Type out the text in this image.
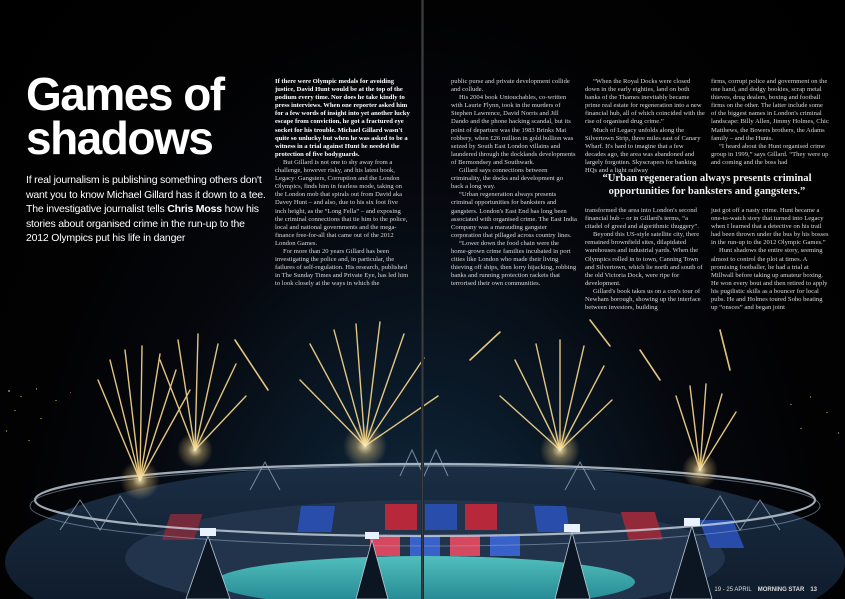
Games of
shadows

If real journalism is publishing something others don't want you to know Michael Gillard has it down to a tee. The investigative journalist tells Chris Moss how his stories about organised crime in the run-up to the 2012 Olympics put his life in danger

If there were Olympic medals for avoiding justice, David Hunt would be at the top of the podium every time. Nor does he take kindly to press interviews. When one reporter asked him for a few words of insight into yet another lucky escape from conviction, he got a fractured eye socket for his trouble. Michael Gillard wasn't quite so unlucky but when he was asked to be a witness in a trial against Hunt he needed the protection of five bodyguards.

But Gillard is not one to shy away from a challenge, however risky, and his latest book, Legacy: Gangsters, Corruption and the London Olympics, finds him in fearless mode, taking on the London mob that spirals out from David aka Davey Hunt – and also, due to his six foot five inch height, as the “Long Fella” – and exposing the criminal connections that tie him to the police, local and national governments and the mega-finance free-for-all that came out of the 2012 London Games.

For more than 20 years Gillard has been investigating the police and, in particular, the failures of self-regulation. His research, published in The Sunday Times and Private Eye, has led him to look closely at the ways in which the

public purse and private development collide and collude.

His 2004 book Untouchables, co-written with Laurie Flynn, took in the murders of Stephen Lawrence, David Norris and Jill Dando and the phone hacking scandal, but its point of departure was the 1983 Brinks Mat robbery, when £26 million in gold bullion was seized by South East London villains and laundered through the docklands developments of Bermondsey and Southwark.

Gillard says connections between criminality, the docks and development go back a long way.

“Urban regeneration always presents criminal opportunities for banksters and gangsters. London's East End has long been associated with organised crime. The East India Company was a marauding gangster corporation that pillaged across country lines.

“Lower down the food chain were the home-grown crime families incubated in port cities like London who made their living thieving off ships, then lorry hijacking, robbing banks and running protection rackets that terrorised their own communities.

“When the Royal Docks were closed down in the early eighties, land on both banks of the Thames inevitably became prime real estate for regeneration into a new financial hub, all of which coincided with the rise of organised drug crime.”

Much of Legacy unfolds along the Silvertown Strip, three miles east of Canary Wharf. It's hard to imagine that a few decades ago, the area was abandoned and largely forgotten. Skyscrapers for banking HQs and a light railway

firms, corrupt police and government on the one hand, and dodgy bookies, scrap metal thieves, drug dealers, boxing and football firms on the other. The latter include some of the biggest names in London's criminal landscape: Billy Allen, Jimmy Holmes, Chic Matthews, the Bowers brothers, the Adams family – and the Hunts.

“I heard about the Hunt organised crime group in 1999,” says Gillard. “They were up and coming and the boss had

“Urban regeneration always presents criminal opportunities for banksters and gangsters.”

transformed the area into London's second financial hub – or in Gillard's terms, “a citadel of greed and algorithmic thuggery”.

Beyond this US-style satellite city, there remained brownfield sites, dilapidated warehouses and industrial yards. When the Olympics rolled in to town, Canning Town and Silvertown, which lie north and south of the old Victoria Dock, were ripe for development.

Gillard's book takes us on a con's tour of Newham borough, showing up the interface between investors, building

just got off a nasty crime. Hunt became a one-to-watch story that turned into Legacy when I learned that a detective on his trail had been thrown under the bus by his bosses in the run-up to the 2012 Olympic Games.”

Hunt shadows the entire story, seeming almost to control the plot at times. A promising footballer, he had a trial at Millwall before taking up amateur boxing. He won every bout and then retired to apply his pugilistic skills as a bouncer for local pubs. He and Holmes toured Soho beating up “onsces” and began joint

19 - 25 APRIL MORNING STAR 13
